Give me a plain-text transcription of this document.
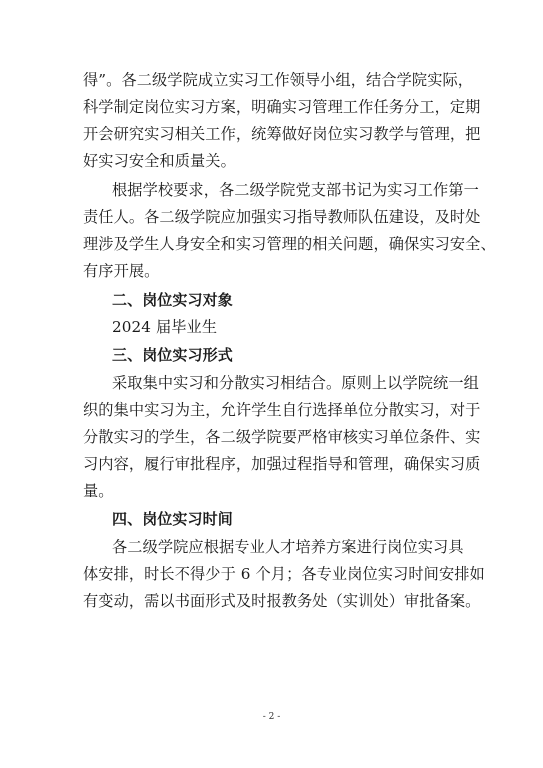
得”。各二级学院成立实习工作领导小组，结合学院实际，
科学制定岗位实习方案，明确实习管理工作任务分工，定期
开会研究实习相关工作，统筹做好岗位实习教学与管理，把
好实习安全和质量关。
根据学校要求，各二级学院党支部书记为实习工作第一
责任人。各二级学院应加强实习指导教师队伍建设，及时处
理涉及学生人身安全和实习管理的相关问题，确保实习安全、
有序开展。
二、岗位实习对象
2024 届毕业生
三、岗位实习形式
采取集中实习和分散实习相结合。原则上以学院统一组
织的集中实习为主，允许学生自行选择单位分散实习，对于
分散实习的学生，各二级学院要严格审核实习单位条件、实
习内容，履行审批程序，加强过程指导和管理，确保实习质
量。
四、岗位实习时间
各二级学院应根据专业人才培养方案进行岗位实习具
体安排，时长不得少于 6 个月；各专业岗位实习时间安排如
有变动，需以书面形式及时报教务处（实训处）审批备案。
- 2 -
